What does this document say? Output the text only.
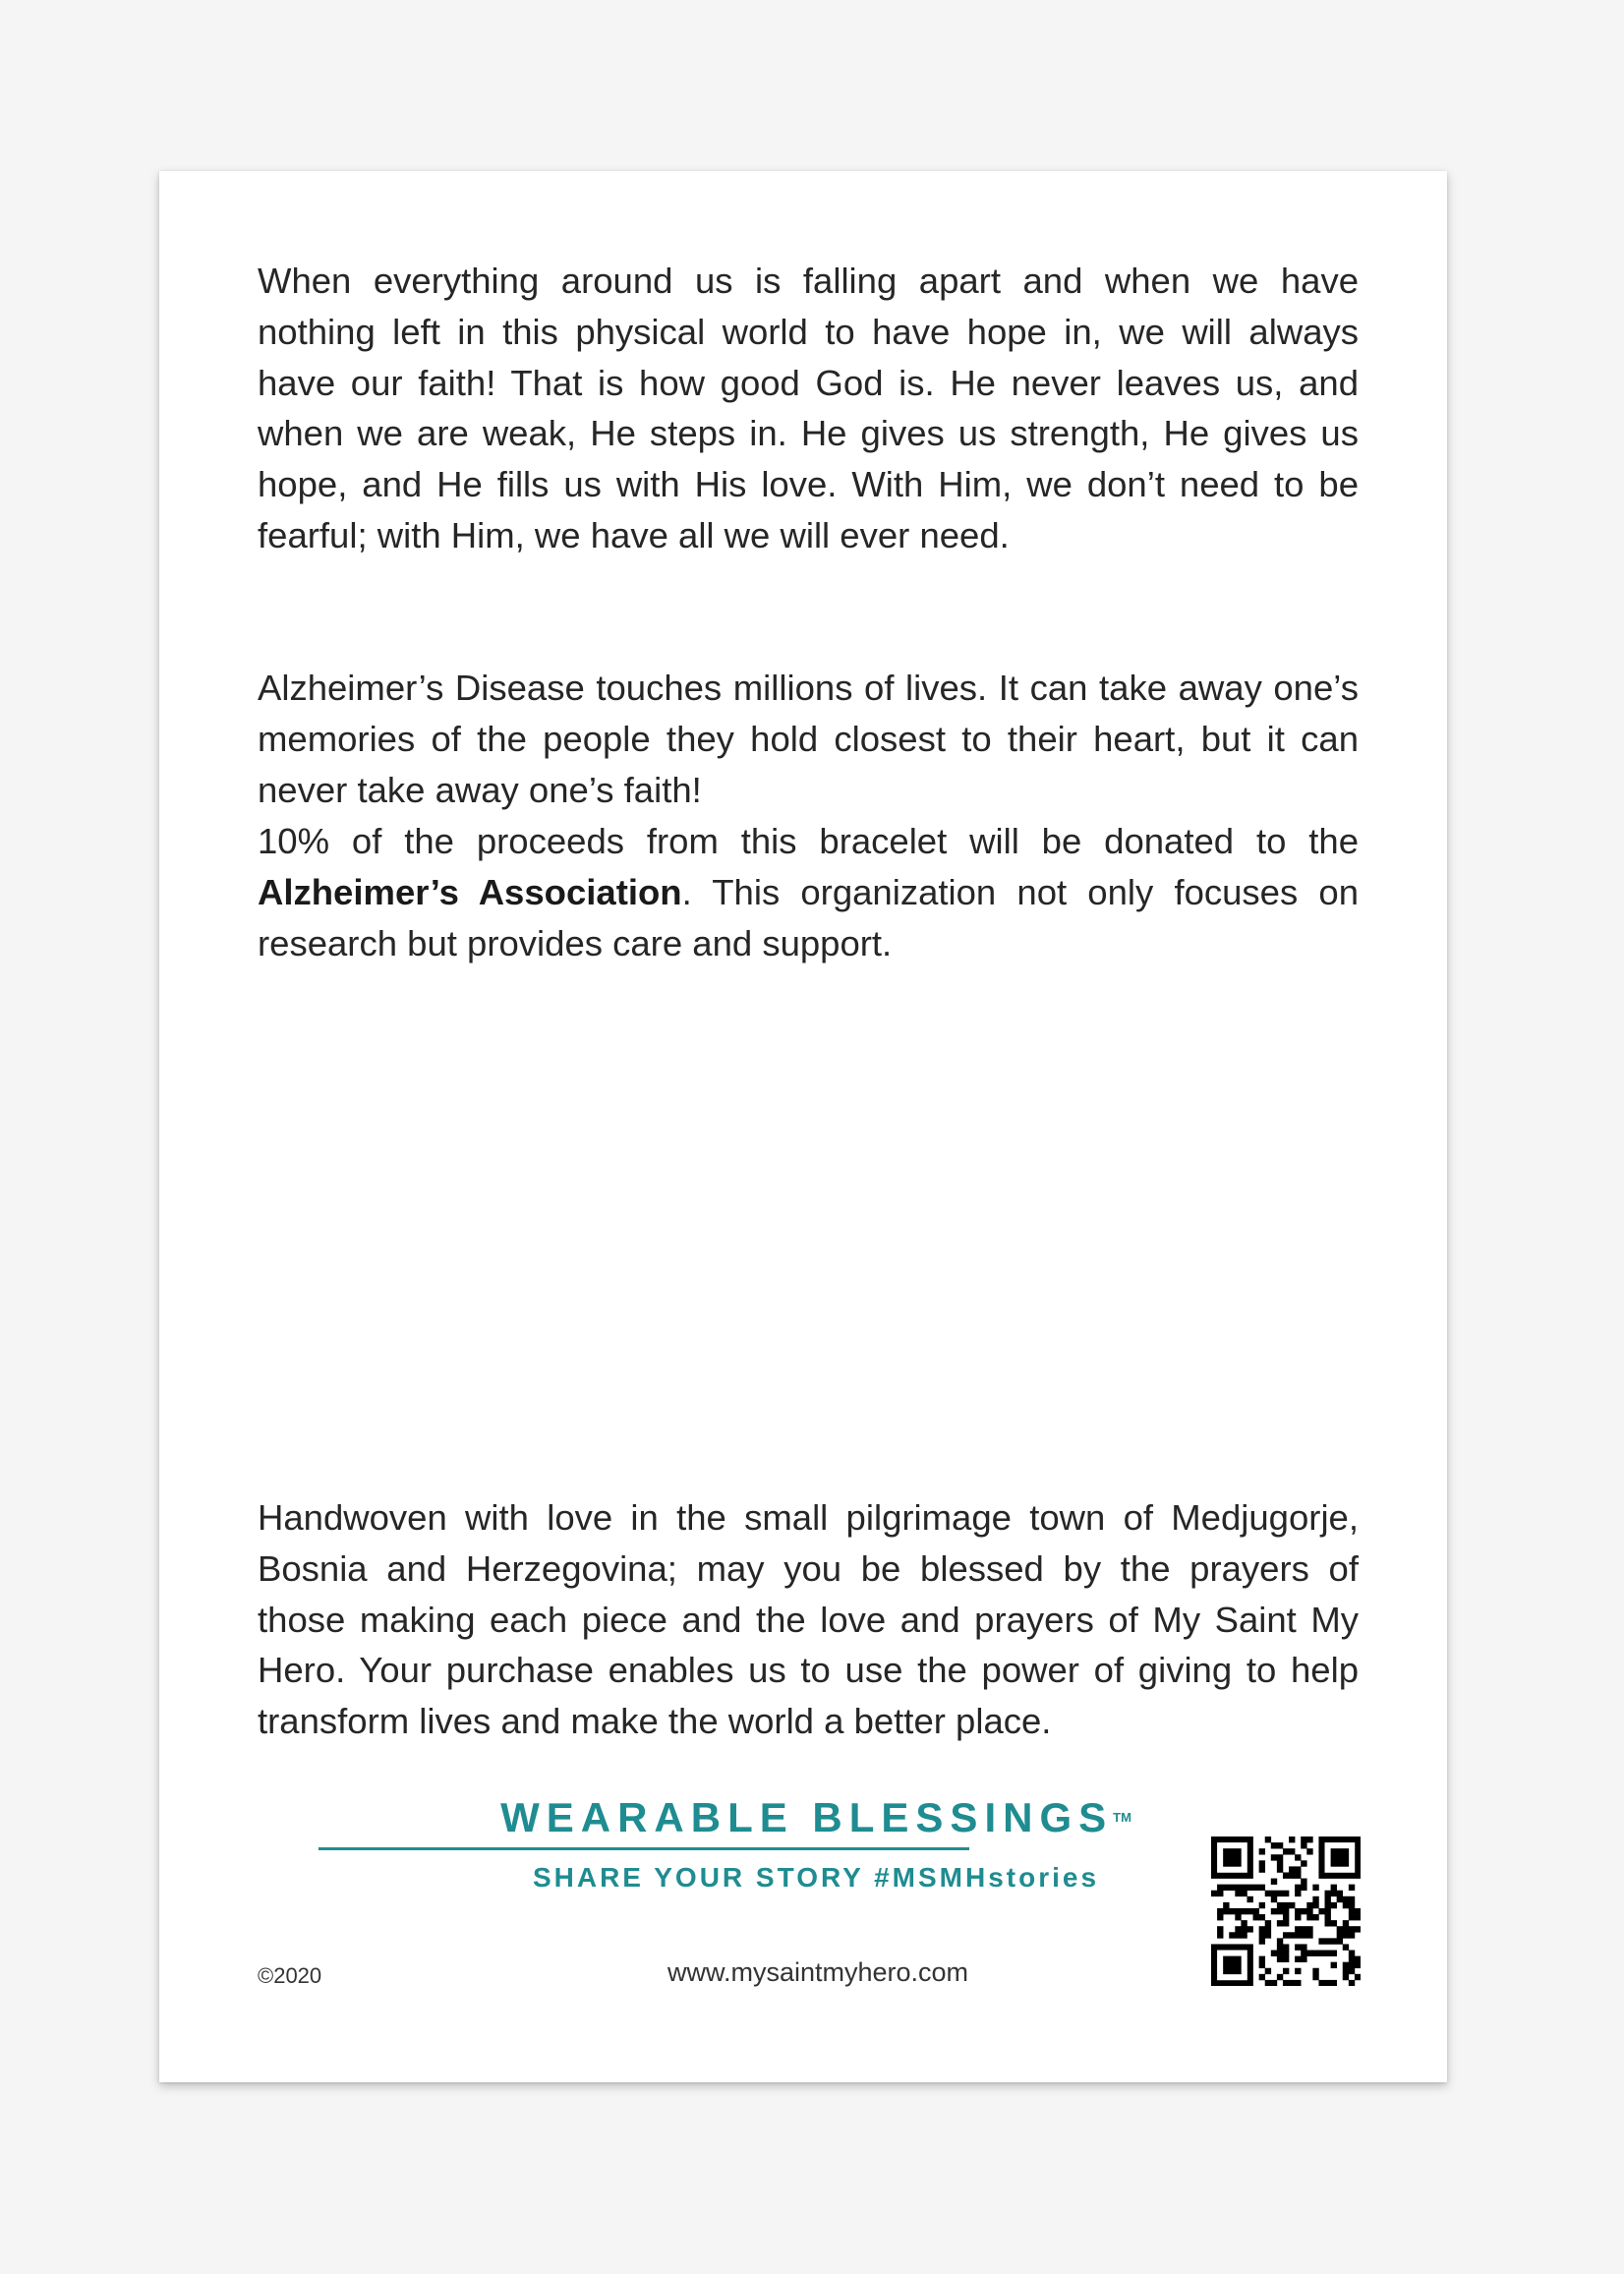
When everything around us is falling apart and when we have nothing left in this physical world to have hope in, we will always have our faith! That is how good God is. He never leaves us, and when we are weak, He steps in. He gives us strength, He gives us hope, and He fills us with His love. With Him, we don’t need to be fearful; with Him, we have all we will ever need.

Alzheimer’s Disease touches millions of lives. It can take away one’s memories of the people they hold closest to their heart, but it can never take away one’s faith!

10% of the proceeds from this bracelet will be donated to the Alzheimer’s Association. This organization not only focuses on research but provides care and support.

Handwoven with love in the small pilgrimage town of Medjugorje, Bosnia and Herzegovina; may you be blessed by the prayers of those making each piece and the love and prayers of My Saint My Hero. Your purchase enables us to use the power of giving to help transform lives and make the world a better place.

WEARABLE BLESSINGS™
SHARE YOUR STORY #MSMHstories
©2020	www.mysaintmyhero.com
